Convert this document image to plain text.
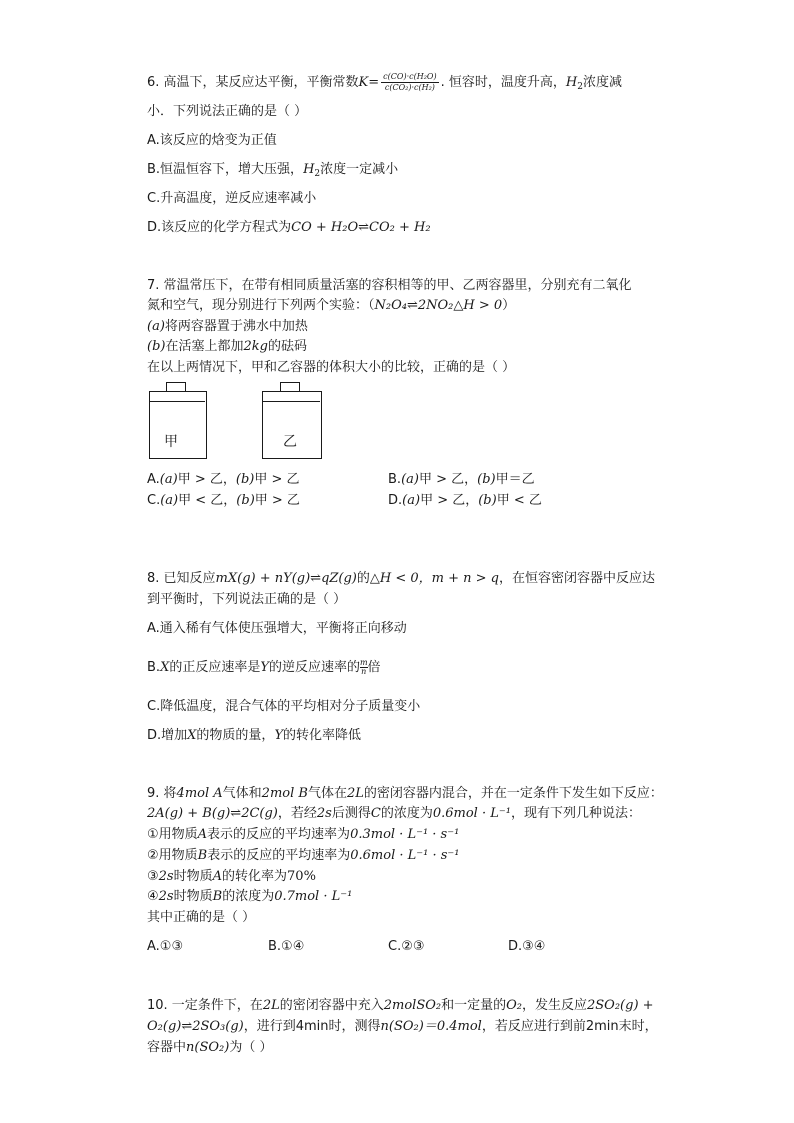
6. 高温下，某反应达平衡，平衡常数$K= \frac{\text{c(CO)·c(H₂O)}}{\text{c(CO₂)·c(H₂)}}$ . 恒容时，温度升高，$H_2$浓度减
小．下列说法正确的是（ ）
A.该反应的焓变为正值
B.恒温恒容下，增大压强，$H_2$浓度一定减小
C.升高温度，逆反应速率减小
D.该反应的化学方程式为CO + H₂O⇌CO₂ + H₂
7. 常温常压下，在带有相同质量活塞的容积相等的甲、乙两容器里，分别充有二氧化
氮和空气，现分别进行下列两个实验：（N₂O₄⇌2NO₂△H > 0）
(a)将两容器置于沸水中加热
(b)在活塞上都加2kg的砝码
在以上两情况下，甲和乙容器的体积大小的比较，正确的是（ ）
甲	乙
A.(a)甲 > 乙，(b)甲 > 乙	B.(a)甲 > 乙，(b)甲＝乙
C.(a)甲 < 乙，(b)甲 > 乙	D.(a)甲 > 乙，(b)甲 < 乙
8. 已知反应mX(g) + nY(g)⇌qZ(g)的△H < 0，m + n > q，在恒容密闭容器中反应达
到平衡时，下列说法正确的是（ ）
A.通入稀有气体使压强增大，平衡将正向移动
B.X的正反应速率是Y的逆反应速率的 $\frac{m}{n}$ 倍
C.降低温度，混合气体的平均相对分子质量变小
D.增加X的物质的量，Y的转化率降低
9. 将4mol A气体和2mol B气体在2L的密闭容器内混合，并在一定条件下发生如下反应：
2A(g) + B(g)⇌2C(g)，若经2s后测得C的浓度为0.6mol · L⁻¹，现有下列几种说法：
①用物质A表示的反应的平均速率为0.3mol · L⁻¹ · s⁻¹
②用物质B表示的反应的平均速率为0.6mol · L⁻¹ · s⁻¹
③2s时物质A的转化率为70%
④2s时物质B的浓度为0.7mol · L⁻¹
其中正确的是（ ）
A.①③	B.①④	C.②③	D.③④
10. 一定条件下，在2L的密闭容器中充入2molSO₂和一定量的O₂，发生反应2SO₂(g) +
O₂(g)⇌2SO₃(g)，进行到4min时，测得n(SO₂)＝0.4mol，若反应进行到前2min末时，
容器中n(SO₂)为（ ）
